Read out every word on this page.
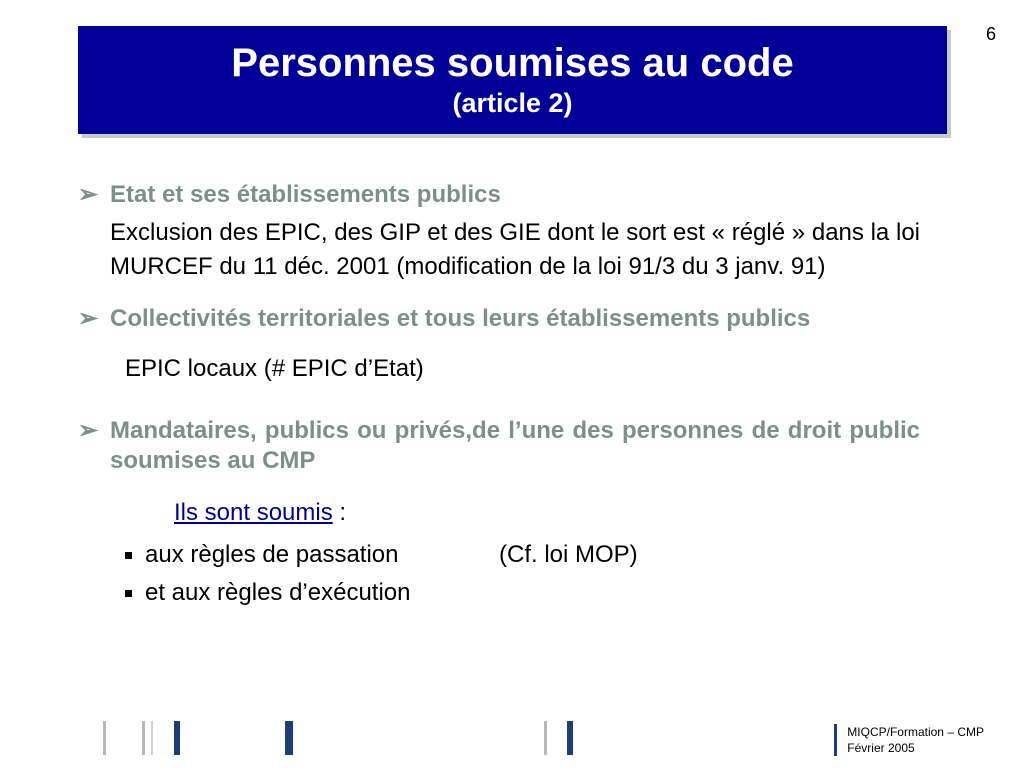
6
Personnes soumises au code
(article 2)
➢ Etat et ses établissements publics
Exclusion des EPIC, des GIP et des GIE dont le sort est « réglé » dans la loi MURCEF du 11 déc. 2001 (modification de la loi 91/3 du 3 janv. 91)
➢ Collectivités territoriales et tous leurs établissements publics
EPIC locaux (# EPIC d’Etat)
➢ Mandataires, publics ou privés,de l’une des personnes de droit public soumises au CMP
Ils sont soumis :
aux règles de passation	(Cf. loi MOP)
et aux règles d’exécution
MIQCP/Formation – CMP
Février 2005
